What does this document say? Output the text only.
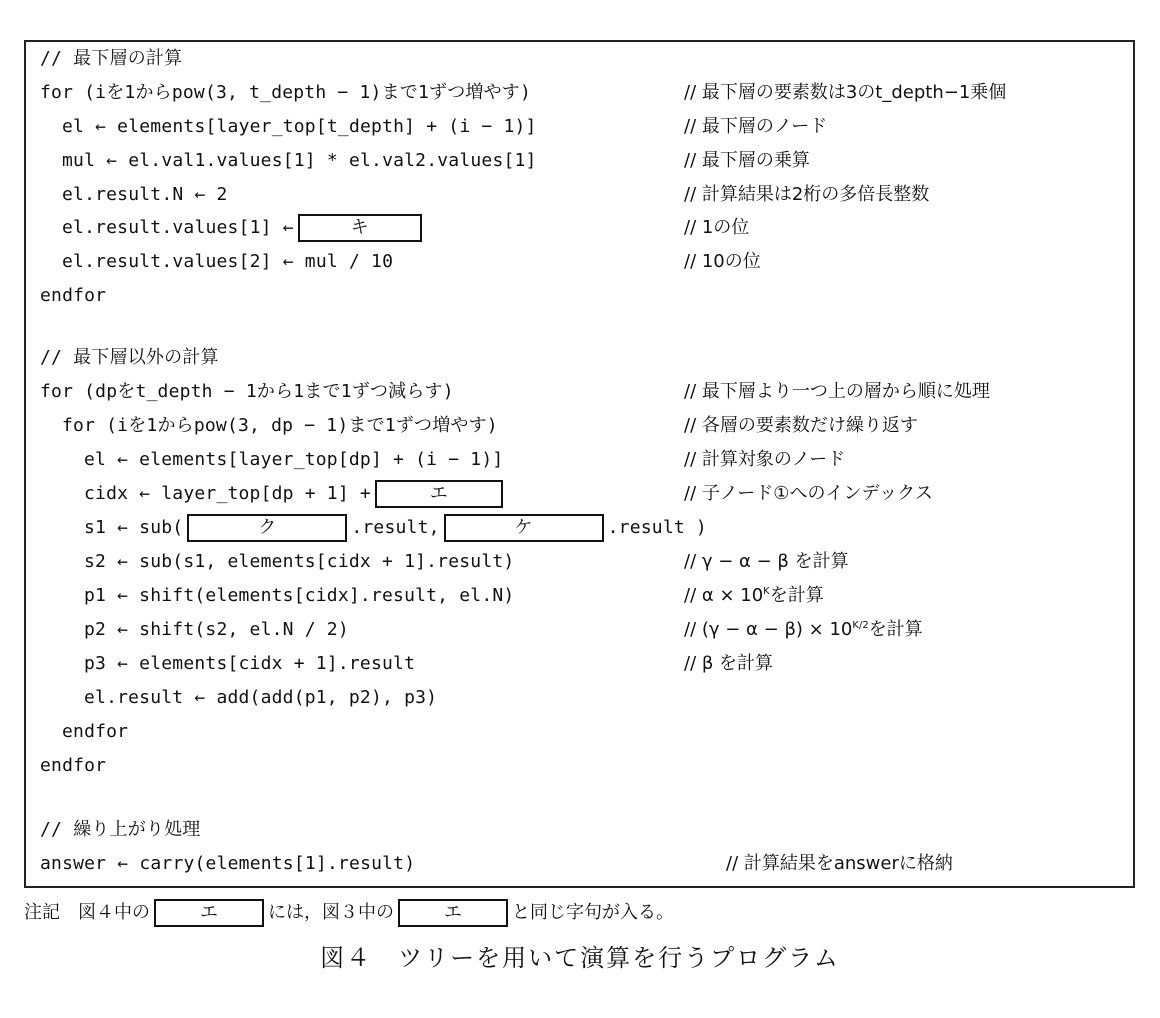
// 最下層の計算
for (iを1からpow(3, t_depth − 1)まで1ずつ増やす)	// 最下層の要素数は3のt_depth−1乗個
el ← elements[layer_top[t_depth] + (i − 1)]	// 最下層のノード
mul ← el.val1.values[1] * el.val2.values[1]	// 最下層の乗算
el.result.N ← 2	// 計算結果は2桁の多倍長整数
el.result.values[1] ←	キ	// 1の位
el.result.values[2] ← mul / 10	// 10の位
endfor
// 最下層以外の計算
for (dpをt_depth − 1から1まで1ずつ減らす)	// 最下層より一つ上の層から順に処理
for (iを1からpow(3, dp − 1)まで1ずつ増やす)	// 各層の要素数だけ繰り返す
el ← elements[layer_top[dp] + (i − 1)]	// 計算対象のノード
cidx ← layer_top[dp + 1] +	エ	// 子ノード①へのインデックス
s1 ← sub(	ク	.result,	ケ	.result )
s2 ← sub(s1, elements[cidx + 1].result)	// γ − α − β を計算
p1 ← shift(elements[cidx].result, el.N)	// $\alpha \times 10^K$を計算
p2 ← shift(s2, el.N / 2)	// $(\gamma - \alpha - \beta) \times 10^{K/2}$を計算
p3 ← elements[cidx + 1].result	// β を計算
el.result ← add(add(p1, p2), p3)
endfor
endfor
// 繰り上がり処理
answer ← carry(elements[1].result)	// 計算結果をanswerに格納
注記　図４中の	エ	には，図３中の	エ	と同じ字句が入る。
図４　ツリーを用いて演算を行うプログラム
